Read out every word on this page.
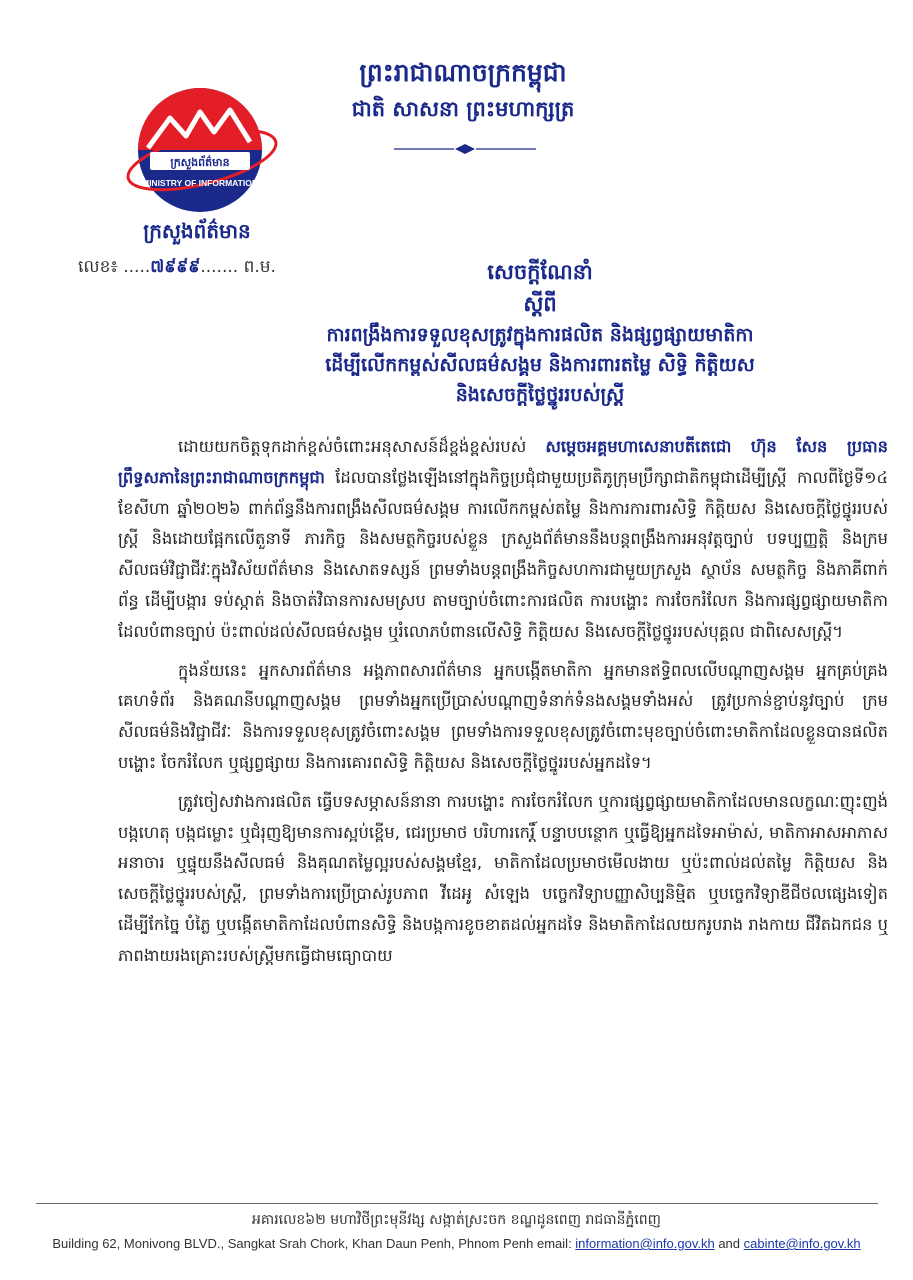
ក្រសួងព័ត៌មាន
MINISTRY OF INFORMATION
ក្រសួងព័ត៌មាន
លេខ៖ .....៧៩៩៩....... ព.ម.
ព្រះរាជាណាចក្រកម្ពុជា
ជាតិ សាសនា ព្រះមហាក្សត្រ
សេចក្តីណែនាំ
ស្តីពី
ការពង្រឹងការទទួលខុសត្រូវក្នុងការផលិត និងផ្សព្វផ្សាយមាតិកា
ដើម្បីលើកកម្ពស់សីលធម៌សង្គម និងការពារតម្លៃ សិទ្ធិ កិត្តិយស
និងសេចក្តីថ្លៃថ្នូររបស់ស្ត្រី

ដោយយកចិត្តទុកដាក់ខ្ពស់ចំពោះអនុសាសន៍ដ៏ខ្ពង់ខ្ពស់របស់ សម្តេចអគ្គមហាសេនាបតីតេជោ ហ៊ុន សែន ប្រធានព្រឹទ្ធសភានៃព្រះរាជាណាចក្រកម្ពុជា ដែលបានថ្លែងឡើងនៅក្នុងកិច្ចប្រជុំជាមួយប្រតិភូក្រុមប្រឹក្សាជាតិកម្ពុជាដើម្បីស្ត្រី កាលពីថ្ងៃទី១៤ ខែសីហា ឆ្នាំ២០២៦ ពាក់ព័ន្ធនឹងការពង្រឹងសីលធម៌សង្គម ការលើកកម្ពស់តម្លៃ និងការការពារសិទ្ធិ កិត្តិយស និងសេចក្តីថ្លៃថ្នូររបស់ស្ត្រី និងដោយផ្អែកលើតួនាទី ភារកិច្ច និងសមត្ថកិច្ចរបស់ខ្លួន ក្រសួងព័ត៌មាននឹងបន្តពង្រឹងការអនុវត្តច្បាប់ បទប្បញ្ញត្តិ និងក្រមសីលធម៌វិជ្ជាជីវៈក្នុងវិស័យព័ត៌មាន និងសោតទស្សន៍ ព្រមទាំងបន្តពង្រឹងកិច្ចសហការជាមួយក្រសួង ស្ថាប័ន សមត្ថកិច្ច និងភាគីពាក់ព័ន្ធ ដើម្បីបង្ការ ទប់ស្កាត់ និងចាត់វិធានការសមស្រប តាមច្បាប់ចំពោះការផលិត ការបង្ហោះ ការចែករំលែក និងការផ្សព្វផ្សាយមាតិកាដែលបំពានច្បាប់ ប៉ះពាល់ដល់សីលធម៌សង្គម ឬរំលោភបំពានលើសិទ្ធិ កិត្តិយស និងសេចក្តីថ្លៃថ្នូររបស់បុគ្គល ជាពិសេសស្ត្រី។

ក្នុងន័យនេះ អ្នកសារព័ត៌មាន អង្គភាពសារព័ត៌មាន អ្នកបង្កើតមាតិកា អ្នកមានឥទ្ធិពលលើបណ្តាញសង្គម អ្នកគ្រប់គ្រងគេហទំព័រ និងគណនីបណ្តាញសង្គម ព្រមទាំងអ្នកប្រើប្រាស់បណ្តាញទំនាក់ទំនងសង្គមទាំងអស់ ត្រូវប្រកាន់ខ្ជាប់នូវច្បាប់ ក្រមសីលធម៌និងវិជ្ជាជីវៈ និងការទទួលខុសត្រូវចំពោះសង្គម ព្រមទាំងការទទួលខុសត្រូវចំពោះមុខច្បាប់ចំពោះមាតិកាដែលខ្លួនបានផលិត បង្ហោះ ចែករំលែក ឬផ្សព្វផ្សាយ និងការគោរពសិទ្ធិ កិត្តិយស និងសេចក្តីថ្លៃថ្នូររបស់អ្នកដទៃ។

ត្រូវចៀសវាងការផលិត ធ្វើបទសម្ភាសន៍នានា ការបង្ហោះ ការចែករំលែក ឬការផ្សព្វផ្សាយមាតិកាដែលមានលក្ខណៈញុះញង់ បង្កហេតុ បង្កជម្លោះ ឬជំរុញឱ្យមានការស្អប់ខ្ពើម, ជេរប្រមាថ បរិហារកេរ្តិ៍ បន្ទាបបន្ថោក ឬធ្វើឱ្យអ្នកដទៃអាម៉ាស់, មាតិកាអាសអាភាស អនាចារ ឬផ្ទុយនឹងសីលធម៌ និងគុណតម្លៃល្អរបស់សង្គមខ្មែរ, មាតិកាដែលប្រមាថមើលងាយ ឬប៉ះពាល់ដល់តម្លៃ កិត្តិយស និងសេចក្តីថ្លៃថ្នូររបស់ស្ត្រី, ព្រមទាំងការប្រើប្រាស់រូបភាព វីដេអូ សំឡេង បច្ចេកវិទ្យាបញ្ញាសិប្បនិម្មិត ឬបច្ចេកវិទ្យាឌីជីថលផ្សេងទៀត ដើម្បីកែច្នៃ បំភ្លៃ ឬបង្កើតមាតិកាដែលបំពានសិទ្ធិ និងបង្កការខូចខាតដល់អ្នកដទៃ និងមាតិកាដែលយករូបរាង រាងកាយ ជីវិតឯកជន ឬភាពងាយរងគ្រោះរបស់ស្ត្រីមកធ្វើជាមធ្យោបាយ

អគារលេខ៦២ មហាវិថីព្រះមុនីវង្ស សង្កាត់ស្រះចក ខណ្ឌដូនពេញ រាជធានីភ្នំពេញ
Building 62, Monivong BLVD., Sangkat Srah Chork, Khan Daun Penh, Phnom Penh email: information@info.gov.kh and cabinte@info.gov.kh
